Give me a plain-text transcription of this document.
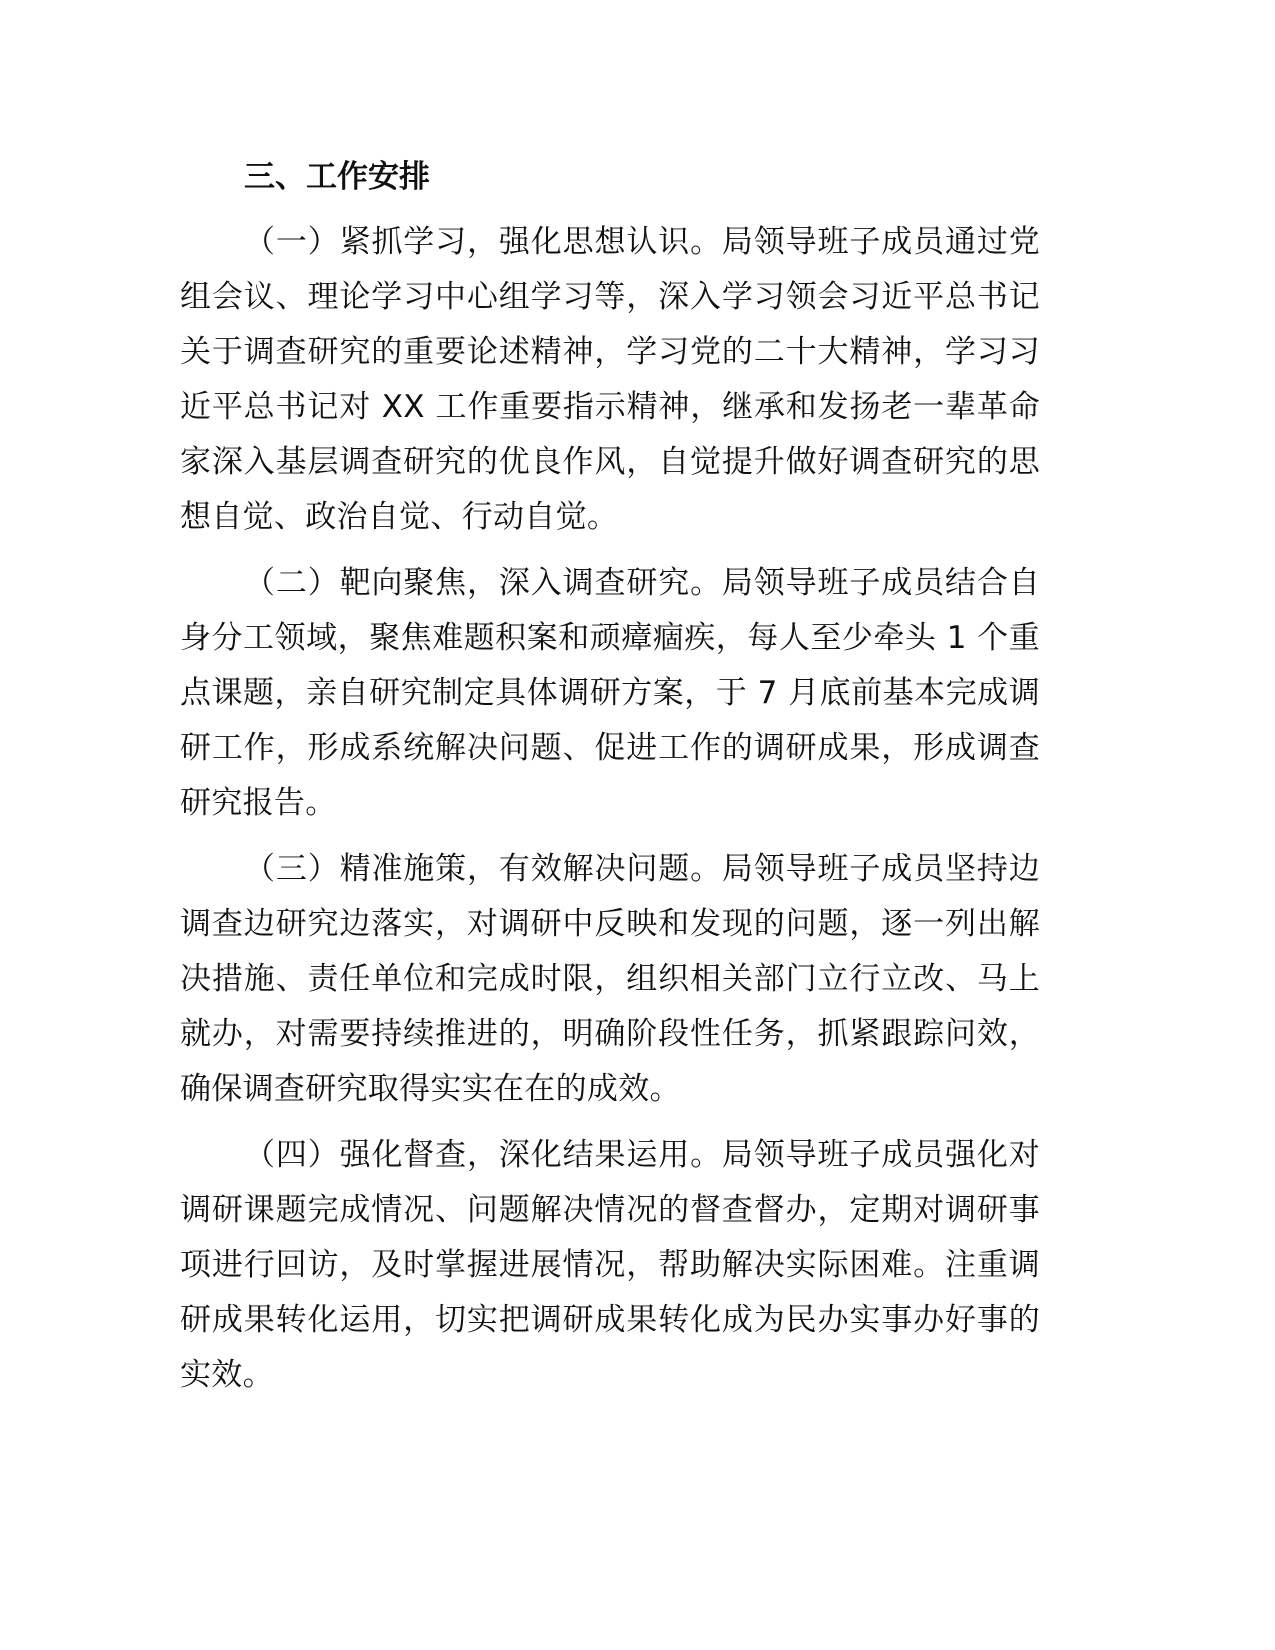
三、工作安排

（一）紧抓学习，强化思想认识。局领导班子成员通过党组会议、理论学习中心组学习等，深入学习领会习近平总书记关于调查研究的重要论述精神，学习党的二十大精神，学习习近平总书记对 XX 工作重要指示精神，继承和发扬老一辈革命家深入基层调查研究的优良作风，自觉提升做好调查研究的思想自觉、政治自觉、行动自觉。

（二）靶向聚焦，深入调查研究。局领导班子成员结合自身分工领域，聚焦难题积案和顽瘴痼疾，每人至少牵头 1 个重点课题，亲自研究制定具体调研方案，于 7 月底前基本完成调研工作，形成系统解决问题、促进工作的调研成果，形成调查研究报告。

（三）精准施策，有效解决问题。局领导班子成员坚持边调查边研究边落实，对调研中反映和发现的问题，逐一列出解决措施、责任单位和完成时限，组织相关部门立行立改、马上就办，对需要持续推进的，明确阶段性任务，抓紧跟踪问效，确保调查研究取得实实在在的成效。

（四）强化督查，深化结果运用。局领导班子成员强化对调研课题完成情况、问题解决情况的督查督办，定期对调研事项进行回访，及时掌握进展情况，帮助解决实际困难。注重调研成果转化运用，切实把调研成果转化成为民办实事办好事的实效。
